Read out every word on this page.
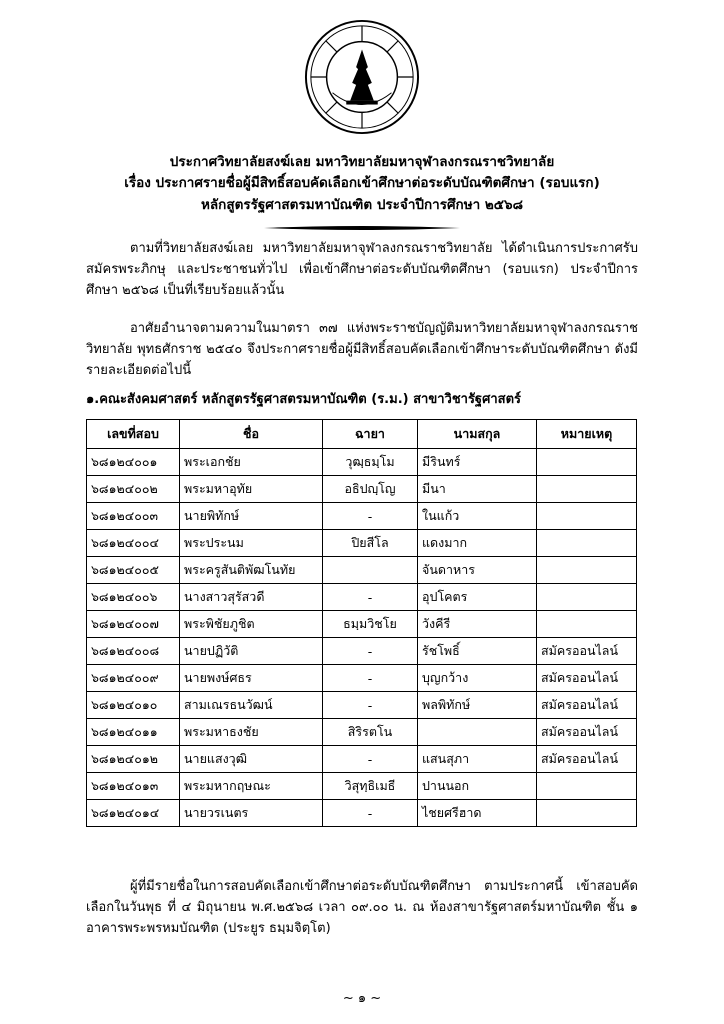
ประกาศวิทยาลัยสงฆ์เลย มหาวิทยาลัยมหาจุฬาลงกรณราชวิทยาลัย
เรื่อง ประกาศรายชื่อผู้มีสิทธิ์สอบคัดเลือกเข้าศึกษาต่อระดับบัณฑิตศึกษา (รอบแรก)
หลักสูตรรัฐศาสตรมหาบัณฑิต ประจำปีการศึกษา ๒๕๖๘
ตามที่วิทยาลัยสงฆ์เลย มหาวิทยาลัยมหาจุฬาลงกรณราชวิทยาลัย ได้ดำเนินการประกาศรับสมัครพระภิกษุ และประชาชนทั่วไป เพื่อเข้าศึกษาต่อระดับบัณฑิตศึกษา (รอบแรก) ประจำปีการศึกษา ๒๕๖๘ เป็นที่เรียบร้อยแล้วนั้น
อาศัยอำนาจตามความในมาตรา ๓๗ แห่งพระราชบัญญัติมหาวิทยาลัยมหาจุฬาลงกรณราชวิทยาลัย พุทธศักราช ๒๕๔๐ จึงประกาศรายชื่อผู้มีสิทธิ์สอบคัดเลือกเข้าศึกษาระดับบัณฑิตศึกษา ดังมีรายละเอียดต่อไปนี้
๑.คณะสังคมศาสตร์ หลักสูตรรัฐศาสตรมหาบัณฑิต (ร.ม.) สาขาวิชารัฐศาสตร์
เลขที่สอบ	ชื่อ	ฉายา	นามสกุล	หมายเหตุ
๖๘๑๒๔๐๐๑	พระเอกชัย	วุฒฺธมฺโม	มีรินทร์	
๖๘๑๒๔๐๐๒	พระมหาอุทัย	อธิปญฺโญ	มีนา	
๖๘๑๒๔๐๐๓	นายพิทักษ์	-	ในแก้ว	
๖๘๑๒๔๐๐๔	พระประนม	ปิยสีโล	แดงมาก	
๖๘๑๒๔๐๐๕	พระครูสันติพัฒโนทัย		จันดาหาร	
๖๘๑๒๔๐๐๖	นางสาวสุรัสวดี	-	อุปโคตร	
๖๘๑๒๔๐๐๗	พระพิชัยภูชิต	ธมฺมวิชโย	วังคีรี	
๖๘๑๒๔๐๐๘	นายปฏิวัติ	-	รัชโพธิ์	สมัครออนไลน์
๖๘๑๒๔๐๐๙	นายพงษ์ศธร	-	บุญกว้าง	สมัครออนไลน์
๖๘๑๒๔๐๑๐	สามเณรธนวัฒน์	-	พลพิทักษ์	สมัครออนไลน์
๖๘๑๒๔๐๑๑	พระมหาธงชัย	สิริรตโน		สมัครออนไลน์
๖๘๑๒๔๐๑๒	นายแสงวุฒิ	-	แสนสุภา	สมัครออนไลน์
๖๘๑๒๔๐๑๓	พระมหากฤษณะ	วิสุทฺธิเมธี	ปานนอก	
๖๘๑๒๔๐๑๔	นายวรเนตร	-	ไชยศรีฮาด	
ผู้ที่มีรายชื่อในการสอบคัดเลือกเข้าศึกษาต่อระดับบัณฑิตศึกษา ตามประกาศนี้ เข้าสอบคัดเลือกในวันพุธ ที่ ๔ มิถุนายน พ.ศ.๒๕๖๘ เวลา ๐๙.๐๐ น. ณ ห้องสาขารัฐศาสตร์มหาบัณฑิต ชั้น ๑ อาคารพระพรหมบัณฑิต (ประยูร ธมฺมจิตฺโต)
~ ๑ ~
